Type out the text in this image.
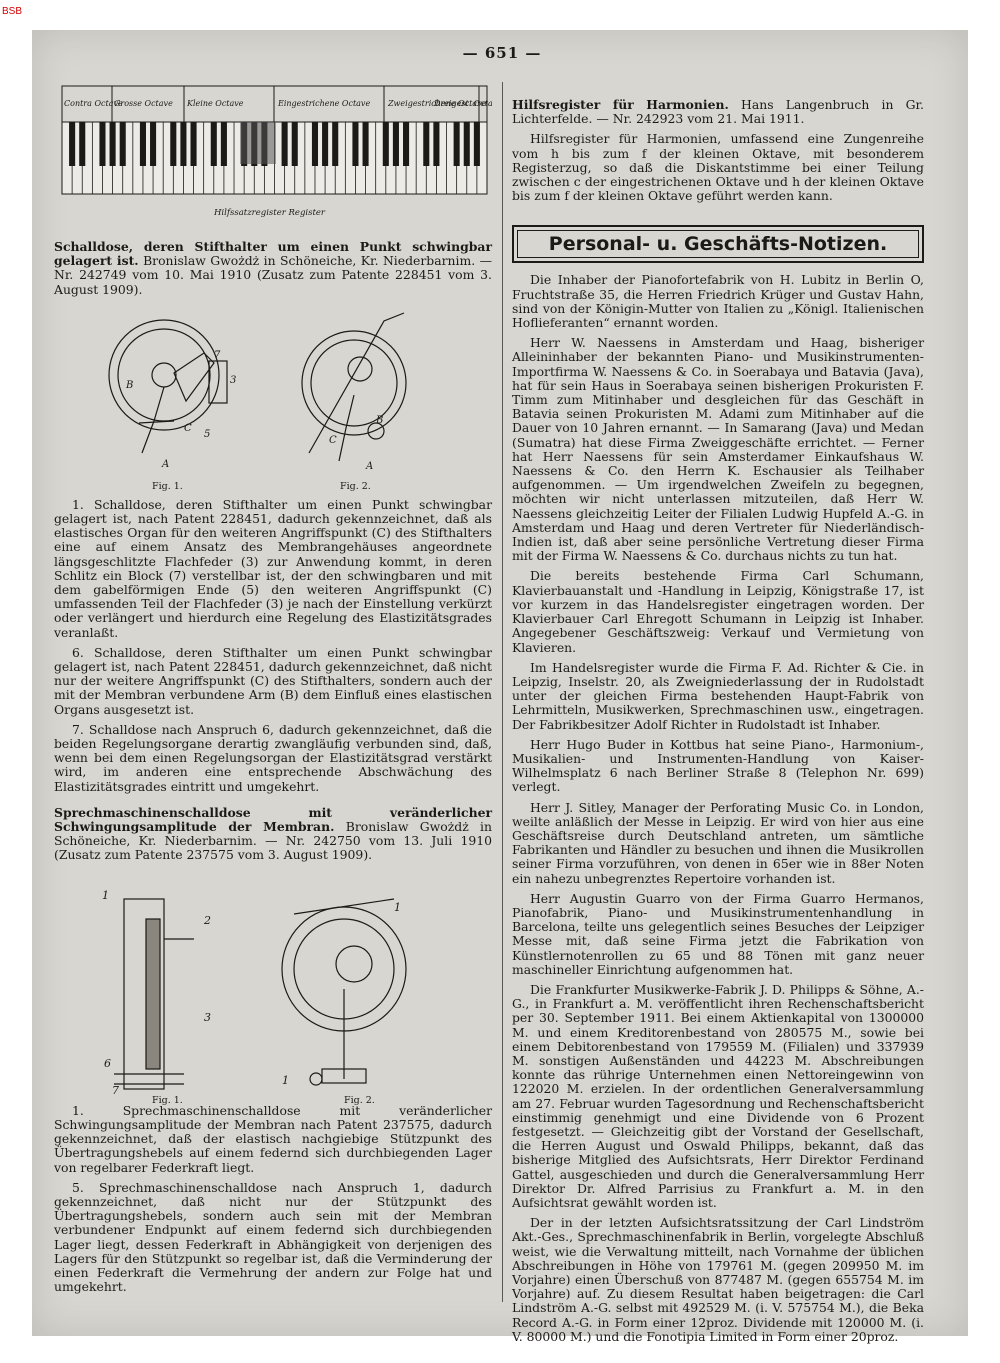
BSB
— 651 —
Contra Octave
Grosse Octave Kleine Octave	Eingestrichene Octave Zweigestrichene Octave
Dreigest. Oct
Hilfssatzregister Register

Schalldose, deren Stifthalter um einen Punkt schwingbar gelagert ist. Bronislaw Gwożdż in Schöneiche, Kr. Niederbarnim. — Nr. 242749 vom 10. Mai 1910 (Zusatz zum Patente 228451 vom 3. August 1909).

B
7
3
5
C
A
B
A
C
Fig. 1.	Fig. 2.

1. Schalldose, deren Stifthalter um einen Punkt schwingbar gelagert ist, nach Patent 228451, dadurch gekennzeichnet, daß als elastisches Organ für den weiteren Angriffspunkt (C) des Stifthalters eine auf einem Ansatz des Membrangehäuses angeordnete längsgeschlitzte Flachfeder (3) zur Anwendung kommt, in deren Schlitz ein Block (7) verstellbar ist, der den schwingbaren und mit dem gabelförmigen Ende (5) den weiteren Angriffspunkt (C) umfassenden Teil der Flachfeder (3) je nach der Einstellung verkürzt oder verlängert und hierdurch eine Regelung des Elastizitätsgrades veranlaßt.

6. Schalldose, deren Stifthalter um einen Punkt schwingbar gelagert ist, nach Patent 228451, dadurch gekennzeichnet, daß nicht nur der weitere Angriffspunkt (C) des Stifthalters, sondern auch der mit der Membran verbundene Arm (B) dem Einfluß eines elastischen Organs ausgesetzt ist.

7. Schalldose nach Anspruch 6, dadurch gekennzeichnet, daß die beiden Regelungsorgane derartig zwangläufig verbunden sind, daß, wenn bei dem einen Regelungsorgan der Elastizitätsgrad verstärkt wird, im anderen eine entsprechende Abschwächung des Elastizitätsgrades eintritt und umgekehrt.

Sprechmaschinenschalldose mit veränderlicher Schwingungsamplitude der Membran. Bronislaw Gwożdż in Schöneiche, Kr. Niederbarnim. — Nr. 242750 vom 13. Juli 1910 (Zusatz zum Patente 237575 vom 3. August 1909).

1
2
3
6
7
1
1
Fig. 1.	Fig. 2.

1. Sprechmaschinenschalldose mit veränderlicher Schwingungsamplitude der Membran nach Patent 237575, dadurch gekennzeichnet, daß der elastisch nachgiebige Stützpunkt des Übertragungshebels auf einem federnd sich durchbiegenden Lager von regelbarer Federkraft liegt.

5. Sprechmaschinenschalldose nach Anspruch 1, dadurch gekennzeichnet, daß nicht nur der Stützpunkt des Übertragungshebels, sondern auch sein mit der Membran verbundener Endpunkt auf einem federnd sich durchbiegenden Lager liegt, dessen Federkraft in Abhängigkeit von derjenigen des Lagers für den Stützpunkt so regelbar ist, daß die Verminderung der einen Federkraft die Vermehrung der andern zur Folge hat und umgekehrt.

Hilfsregister für Harmonien. Hans Langenbruch in Gr. Lichterfelde. — Nr. 242923 vom 21. Mai 1911.

Hilfsregister für Harmonien, umfassend eine Zungenreihe vom h bis zum f der kleinen Oktave, mit besonderem Registerzug, so daß die Diskantstimme bei einer Teilung zwischen c der eingestrichenen Oktave und h der kleinen Oktave bis zum f der kleinen Oktave geführt werden kann.

Personal- u. Geschäfts-Notizen.

Die Inhaber der Pianofortefabrik von H. Lubitz in Berlin O, Fruchtstraße 35, die Herren Friedrich Krüger und Gustav Hahn, sind von der Königin-Mutter von Italien zu „Königl. Italienischen Hoflieferanten“ ernannt worden.

Herr W. Naessens in Amsterdam und Haag, bisheriger Alleininhaber der bekannten Piano- und Musikinstrumenten-Importfirma W. Naessens & Co. in Soerabaya und Batavia (Java), hat für sein Haus in Soerabaya seinen bisherigen Prokuristen F. Timm zum Mitinhaber und desgleichen für das Geschäft in Batavia seinen Prokuristen M. Adami zum Mitinhaber auf die Dauer von 10 Jahren ernannt. — In Samarang (Java) und Medan (Sumatra) hat diese Firma Zweiggeschäfte errichtet. — Ferner hat Herr Naessens für sein Amsterdamer Einkaufshaus W. Naessens & Co. den Herrn K. Eschausier als Teilhaber aufgenommen. — Um irgendwelchen Zweifeln zu begegnen, möchten wir nicht unterlassen mitzuteilen, daß Herr W. Naessens gleichzeitig Leiter der Filialen Ludwig Hupfeld A.-G. in Amsterdam und Haag und deren Vertreter für Niederländisch-Indien ist, daß aber seine persönliche Vertretung dieser Firma mit der Firma W. Naessens & Co. durchaus nichts zu tun hat.

Die bereits bestehende Firma Carl Schumann, Klavierbauanstalt und -Handlung in Leipzig, Königstraße 17, ist vor kurzem in das Handelsregister eingetragen worden. Der Klavierbauer Carl Ehregott Schumann in Leipzig ist Inhaber. Angegebener Geschäftszweig: Verkauf und Vermietung von Klavieren.

Im Handelsregister wurde die Firma F. Ad. Richter & Cie. in Leipzig, Inselstr. 20, als Zweigniederlassung der in Rudolstadt unter der gleichen Firma bestehenden Haupt-Fabrik von Lehrmitteln, Musikwerken, Sprechmaschinen usw., eingetragen. Der Fabrikbesitzer Adolf Richter in Rudolstadt ist Inhaber.

Herr Hugo Buder in Kottbus hat seine Piano-, Harmonium-, Musikalien- und Instrumenten-Handlung von Kaiser-Wilhelmsplatz 6 nach Berliner Straße 8 (Telephon Nr. 699) verlegt.

Herr J. Sitley, Manager der Perforating Music Co. in London, weilte anläßlich der Messe in Leipzig. Er wird von hier aus eine Geschäftsreise durch Deutschland antreten, um sämtliche Fabrikanten und Händler zu besuchen und ihnen die Musikrollen seiner Firma vorzuführen, von denen in 65er wie in 88er Noten ein nahezu unbegrenztes Repertoire vorhanden ist.

Herr Augustin Guarro von der Firma Guarro Hermanos, Pianofabrik, Piano- und Musikinstrumentenhandlung in Barcelona, teilte uns gelegentlich seines Besuches der Leipziger Messe mit, daß seine Firma jetzt die Fabrikation von Künstlernotenrollen zu 65 und 88 Tönen mit ganz neuer maschineller Einrichtung aufgenommen hat.

Die Frankfurter Musikwerke-Fabrik J. D. Philipps & Söhne, A.-G., in Frankfurt a. M. veröffentlicht ihren Rechenschaftsbericht per 30. September 1911. Bei einem Aktienkapital von 1300000 M. und einem Kreditorenbestand von 280575 M., sowie bei einem Debitorenbestand von 179559 M. (Filialen) und 337939 M. sonstigen Außenständen und 44223 M. Abschreibungen konnte das rührige Unternehmen einen Nettoreingewinn von 122020 M. erzielen. In der ordentlichen Generalversammlung am 27. Februar wurden Tagesordnung und Rechenschaftsbericht einstimmig genehmigt und eine Dividende von 6 Prozent festgesetzt. — Gleichzeitig gibt der Vorstand der Gesellschaft, die Herren August und Oswald Philipps, bekannt, daß das bisherige Mitglied des Aufsichtsrats, Herr Direktor Ferdinand Gattel, ausgeschieden und durch die Generalversammlung Herr Direktor Dr. Alfred Parrisius zu Frankfurt a. M. in den Aufsichtsrat gewählt worden ist.

Der in der letzten Aufsichtsratssitzung der Carl Lindström Akt.-Ges., Sprechmaschinenfabrik in Berlin, vorgelegte Abschluß weist, wie die Verwaltung mitteilt, nach Vornahme der üblichen Abschreibungen in Höhe von 179761 M. (gegen 209950 M. im Vorjahre) einen Überschuß von 877487 M. (gegen 655754 M. im Vorjahre) auf. Zu diesem Resultat haben beigetragen: die Carl Lindström A.-G. selbst mit 492529 M. (i. V. 575754 M.), die Beka Record A.-G. in Form einer 12proz. Dividende mit 120000 M. (i. V. 80000 M.) und die Fonotipia Limited in Form einer 20proz.
